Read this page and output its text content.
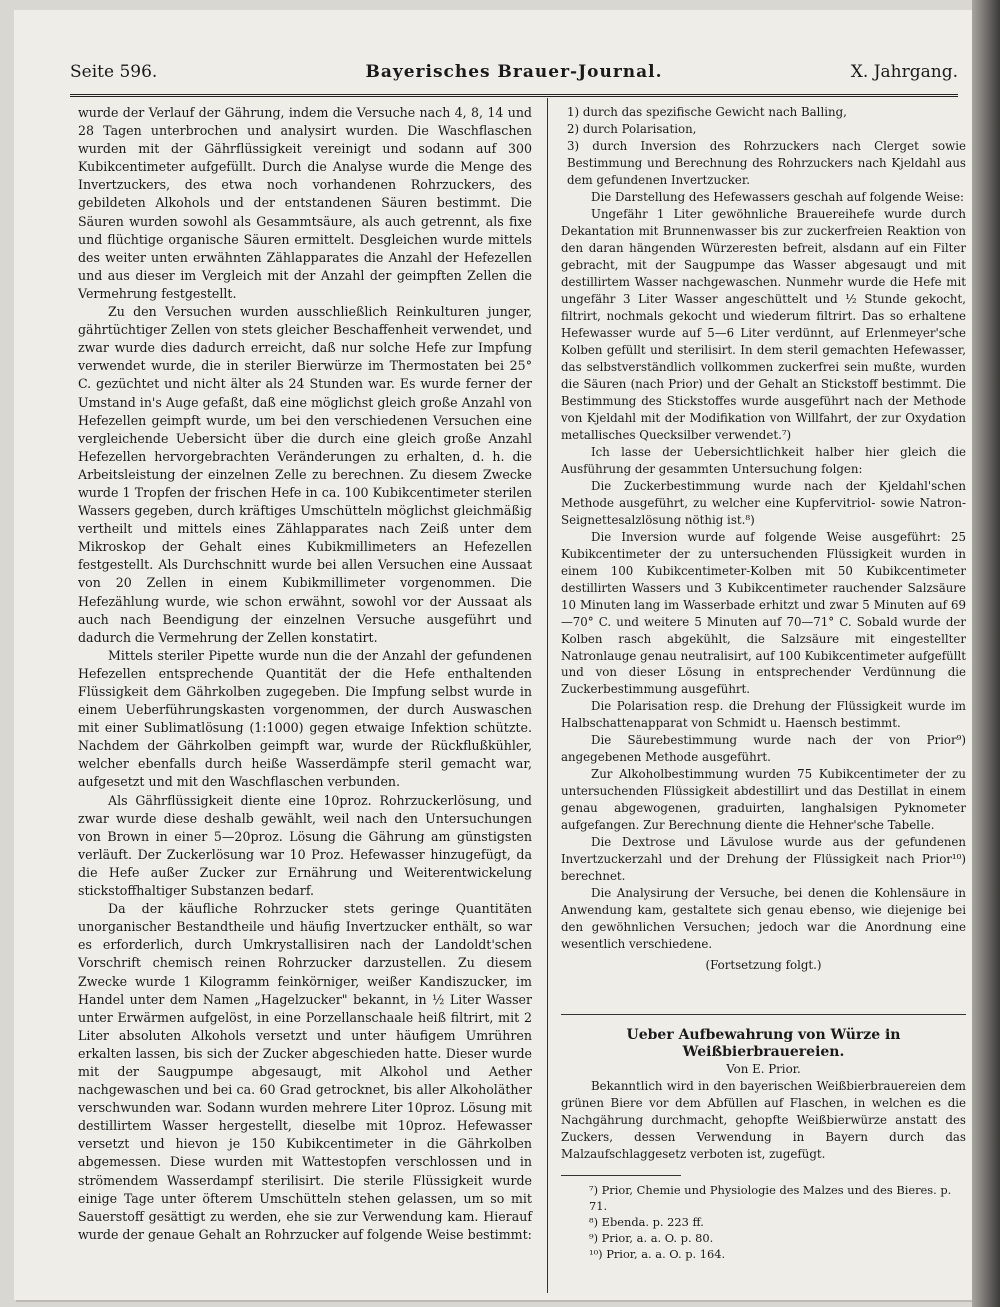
Seite 596.	Bayerisches Brauer-Journal.	X. Jahrgang.

wurde der Verlauf der Gährung, indem die Versuche nach 4, 8, 14 und 28 Tagen unterbrochen und analysirt wurden. Die Waschflaschen wurden mit der Gährflüssigkeit vereinigt und sodann auf 300 Kubikcentimeter aufgefüllt. Durch die Analyse wurde die Menge des Invertzuckers, des etwa noch vorhandenen Rohrzuckers, des gebildeten Alkohols und der entstandenen Säuren bestimmt. Die Säuren wurden sowohl als Gesammtsäure, als auch getrennt, als fixe und flüchtige organische Säuren ermittelt. Desgleichen wurde mittels des weiter unten erwähnten Zählapparates die Anzahl der Hefezellen und aus dieser im Vergleich mit der Anzahl der geimpften Zellen die Vermehrung festgestellt.

Zu den Versuchen wurden ausschließlich Reinkulturen junger, gährtüchtiger Zellen von stets gleicher Beschaffenheit verwendet, und zwar wurde dies dadurch erreicht, daß nur solche Hefe zur Impfung verwendet wurde, die in steriler Bierwürze im Thermostaten bei 25° C. gezüchtet und nicht älter als 24 Stunden war. Es wurde ferner der Umstand in's Auge gefaßt, daß eine möglichst gleich große Anzahl von Hefezellen geimpft wurde, um bei den verschiedenen Versuchen eine vergleichende Uebersicht über die durch eine gleich große Anzahl Hefezellen hervorgebrachten Veränderungen zu erhalten, d. h. die Arbeitsleistung der einzelnen Zelle zu berechnen. Zu diesem Zwecke wurde 1 Tropfen der frischen Hefe in ca. 100 Kubikcentimeter sterilen Wassers gegeben, durch kräftiges Umschütteln möglichst gleichmäßig vertheilt und mittels eines Zählapparates nach Zeiß unter dem Mikroskop der Gehalt eines Kubikmillimeters an Hefezellen festgestellt. Als Durchschnitt wurde bei allen Versuchen eine Aussaat von 20 Zellen in einem Kubikmillimeter vorgenommen. Die Hefezählung wurde, wie schon erwähnt, sowohl vor der Aussaat als auch nach Beendigung der einzelnen Versuche ausgeführt und dadurch die Vermehrung der Zellen konstatirt.

Mittels steriler Pipette wurde nun die der Anzahl der gefundenen Hefezellen entsprechende Quantität der die Hefe enthaltenden Flüssigkeit dem Gährkolben zugegeben. Die Impfung selbst wurde in einem Ueberführungskasten vorgenommen, der durch Auswaschen mit einer Sublimatlösung (1:1000) gegen etwaige Infektion schützte. Nachdem der Gährkolben geimpft war, wurde der Rückflußkühler, welcher ebenfalls durch heiße Wasserdämpfe steril gemacht war, aufgesetzt und mit den Waschflaschen verbunden.

Als Gährflüssigkeit diente eine 10proz. Rohrzuckerlösung, und zwar wurde diese deshalb gewählt, weil nach den Untersuchungen von Brown in einer 5—20proz. Lösung die Gährung am günstigsten verläuft. Der Zuckerlösung war 10 Proz. Hefewasser hinzugefügt, da die Hefe außer Zucker zur Ernährung und Weiterentwickelung stickstoffhaltiger Substanzen bedarf.

Da der käufliche Rohrzucker stets geringe Quantitäten unorganischer Bestandtheile und häufig Invertzucker enthält, so war es erforderlich, durch Umkrystallisiren nach der Landoldt'schen Vorschrift chemisch reinen Rohrzucker darzustellen. Zu diesem Zwecke wurde 1 Kilogramm feinkörniger, weißer Kandiszucker, im Handel unter dem Namen „Hagelzucker" bekannt, in ½ Liter Wasser unter Erwärmen aufgelöst, in eine Porzellanschaale heiß filtrirt, mit 2 Liter absoluten Alkohols versetzt und unter häufigem Umrühren erkalten lassen, bis sich der Zucker abgeschieden hatte. Dieser wurde mit der Saugpumpe abgesaugt, mit Alkohol und Aether nachgewaschen und bei ca. 60 Grad getrocknet, bis aller Alkoholäther verschwunden war. Sodann wurden mehrere Liter 10proz. Lösung mit destillirtem Wasser hergestellt, dieselbe mit 10proz. Hefewasser versetzt und hievon je 150 Kubikcentimeter in die Gährkolben abgemessen. Diese wurden mit Wattestopfen verschlossen und in strömendem Wasserdampf sterilisirt. Die sterile Flüssigkeit wurde einige Tage unter öfterem Umschütteln stehen gelassen, um so mit Sauerstoff gesättigt zu werden, ehe sie zur Verwendung kam. Hierauf wurde der genaue Gehalt an Rohrzucker auf folgende Weise bestimmt:

1) durch das spezifische Gewicht nach Balling,

2) durch Polarisation,

3) durch Inversion des Rohrzuckers nach Clerget sowie Bestimmung und Berechnung des Rohrzuckers nach Kjeldahl aus dem gefundenen Invertzucker.

Die Darstellung des Hefewassers geschah auf folgende Weise:

Ungefähr 1 Liter gewöhnliche Brauereihefe wurde durch Dekantation mit Brunnenwasser bis zur zuckerfreien Reaktion von den daran hängenden Würzeresten befreit, alsdann auf ein Filter gebracht, mit der Saugpumpe das Wasser abgesaugt und mit destillirtem Wasser nachgewaschen. Nunmehr wurde die Hefe mit ungefähr 3 Liter Wasser angeschüttelt und ½ Stunde gekocht, filtrirt, nochmals gekocht und wiederum filtrirt. Das so erhaltene Hefewasser wurde auf 5—6 Liter verdünnt, auf Erlenmeyer'sche Kolben gefüllt und sterilisirt. In dem steril gemachten Hefewasser, das selbstverständlich vollkommen zuckerfrei sein mußte, wurden die Säuren (nach Prior) und der Gehalt an Stickstoff bestimmt. Die Bestimmung des Stickstoffes wurde ausgeführt nach der Methode von Kjeldahl mit der Modifikation von Willfahrt, der zur Oxydation metallisches Quecksilber verwendet.⁷)

Ich lasse der Uebersichtlichkeit halber hier gleich die Ausführung der gesammten Untersuchung folgen:

Die Zuckerbestimmung wurde nach der Kjeldahl'schen Methode ausgeführt, zu welcher eine Kupfervitriol- sowie Natron-Seignettesalzlösung nöthig ist.⁸)

Die Inversion wurde auf folgende Weise ausgeführt: 25 Kubikcentimeter der zu untersuchenden Flüssigkeit wurden in einem 100 Kubikcentimeter-Kolben mit 50 Kubikcentimeter destillirten Wassers und 3 Kubikcentimeter rauchender Salzsäure 10 Minuten lang im Wasserbade erhitzt und zwar 5 Minuten auf 69—70° C. und weitere 5 Minuten auf 70—71° C. Sobald wurde der Kolben rasch abgekühlt, die Salzsäure mit eingestellter Natronlauge genau neutralisirt, auf 100 Kubikcentimeter aufgefüllt und von dieser Lösung in entsprechender Verdünnung die Zuckerbestimmung ausgeführt.

Die Polarisation resp. die Drehung der Flüssigkeit wurde im Halbschattenapparat von Schmidt u. Haensch bestimmt.

Die Säurebestimmung wurde nach der von Prior⁹) angegebenen Methode ausgeführt.

Zur Alkoholbestimmung wurden 75 Kubikcentimeter der zu untersuchenden Flüssigkeit abdestillirt und das Destillat in einem genau abgewogenen, graduirten, langhalsigen Pyknometer aufgefangen. Zur Berechnung diente die Hehner'sche Tabelle.

Die Dextrose und Lävulose wurde aus der gefundenen Invertzuckerzahl und der Drehung der Flüssigkeit nach Prior¹⁰) berechnet.

Die Analysirung der Versuche, bei denen die Kohlensäure in Anwendung kam, gestaltete sich genau ebenso, wie diejenige bei den gewöhnlichen Versuchen; jedoch war die Anordnung eine wesentlich verschiedene.

(Fortsetzung folgt.)

Ueber Aufbewahrung von Würze in Weißbierbrauereien.

Von E. Prior.

Bekanntlich wird in den bayerischen Weißbierbrauereien dem grünen Biere vor dem Abfüllen auf Flaschen, in welchen es die Nachgährung durchmacht, gehopfte Weißbierwürze anstatt des Zuckers, dessen Verwendung in Bayern durch das Malzaufschlaggesetz verboten ist, zugefügt.

⁷) Prior, Chemie und Physiologie des Malzes und des Bieres. p. 71.

⁸) Ebenda. p. 223 ff.

⁹) Prior, a. a. O. p. 80.

¹⁰) Prior, a. a. O. p. 164.
